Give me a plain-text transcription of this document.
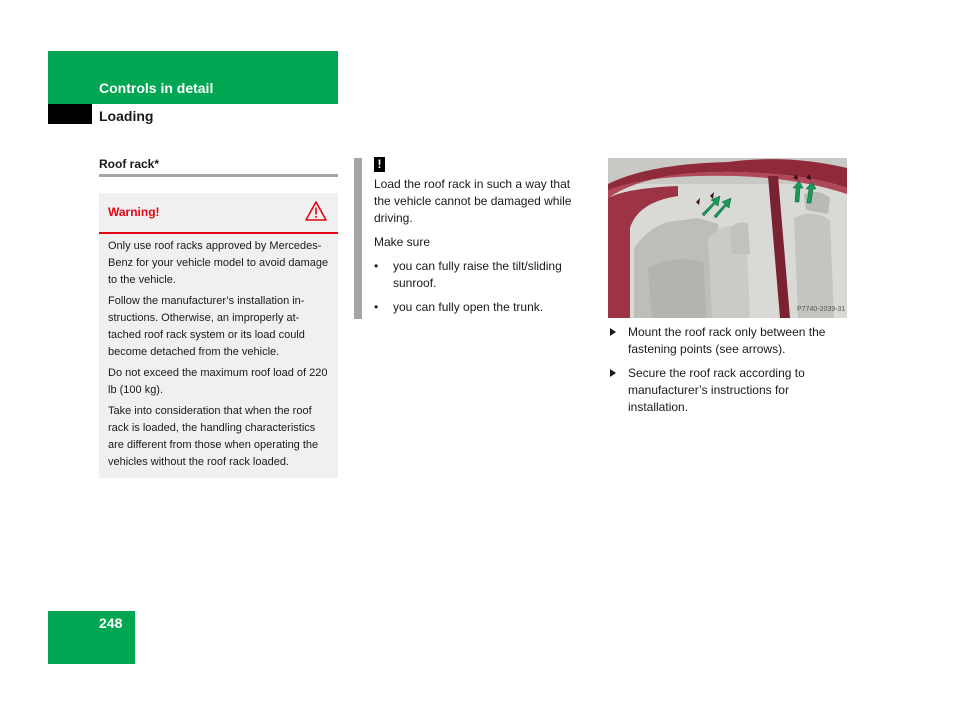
Controls in detail
Loading
Roof rack*
Warning!

Only use roof racks approved by Mercedes-Benz for your vehicle model to avoid damage to the vehicle.

Follow the manufacturer’s installation in-structions. Otherwise, an improperly at-tached roof rack system or its load could become detached from the vehicle.

Do not exceed the maximum roof load of 220 lb (100 kg).

Take into consideration that when the roof rack is loaded, the handling characteristics are different from those when operating the vehicles without the roof rack loaded.

!

Load the roof rack in such a way that the vehicle cannot be damaged while driving.

Make sure

• you can fully raise the tilt/sliding sunroof.
• you can fully open the trunk.	P7740-2039-31
Mount the roof rack only between the fastening points (see arrows).
Secure the roof rack according to manufacturer’s instructions for installation.
248
